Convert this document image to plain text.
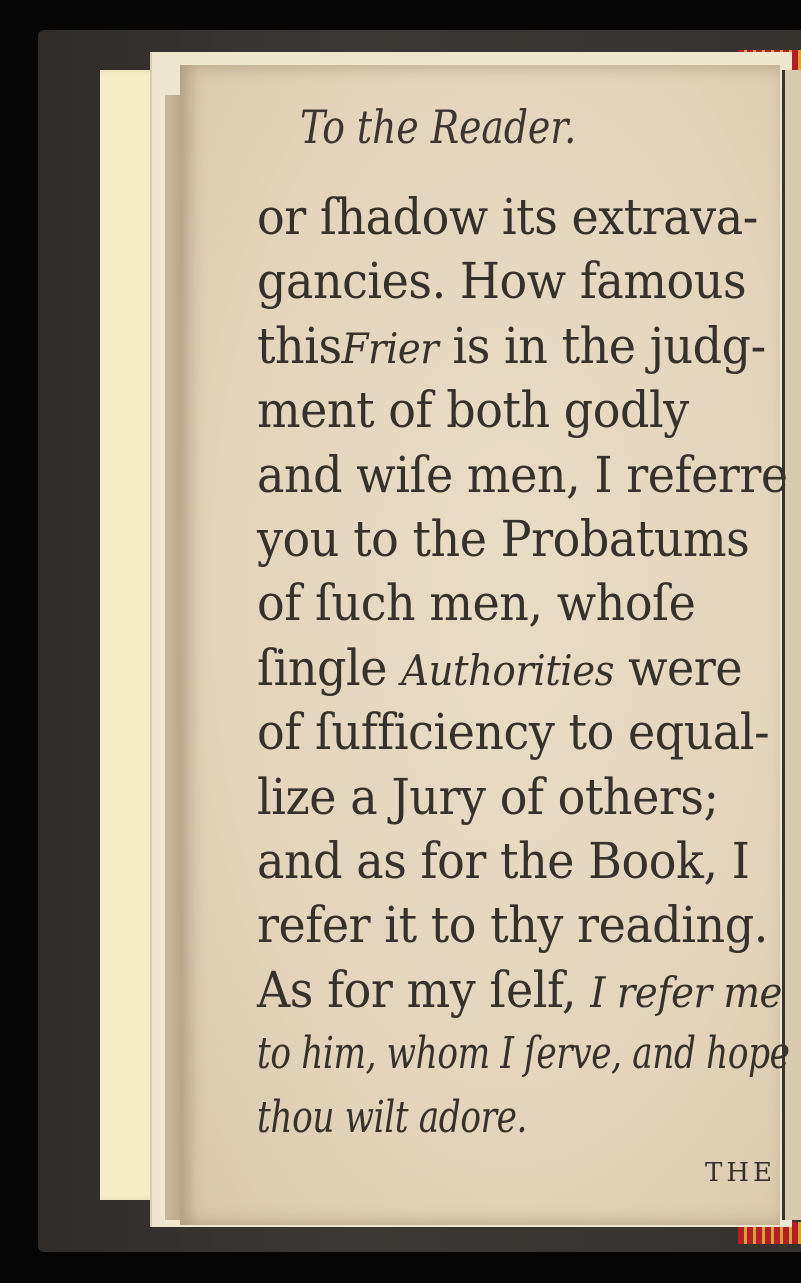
To the Reader.
or ſhadow its extrava-
gancies. How famous
thisFrier is in the judg-
ment of both godly
and wiſe men, I referre
you to the Probatums
of ſuch men, whoſe
ſingle Authorities were
of ſufficiency to equal-
lize a Jury of others;
and as for the Book, I
refer it to thy reading.
As for my ſelf, I refer me
to him, whom I ſerve, and hope
thou wilt adore.
THE
